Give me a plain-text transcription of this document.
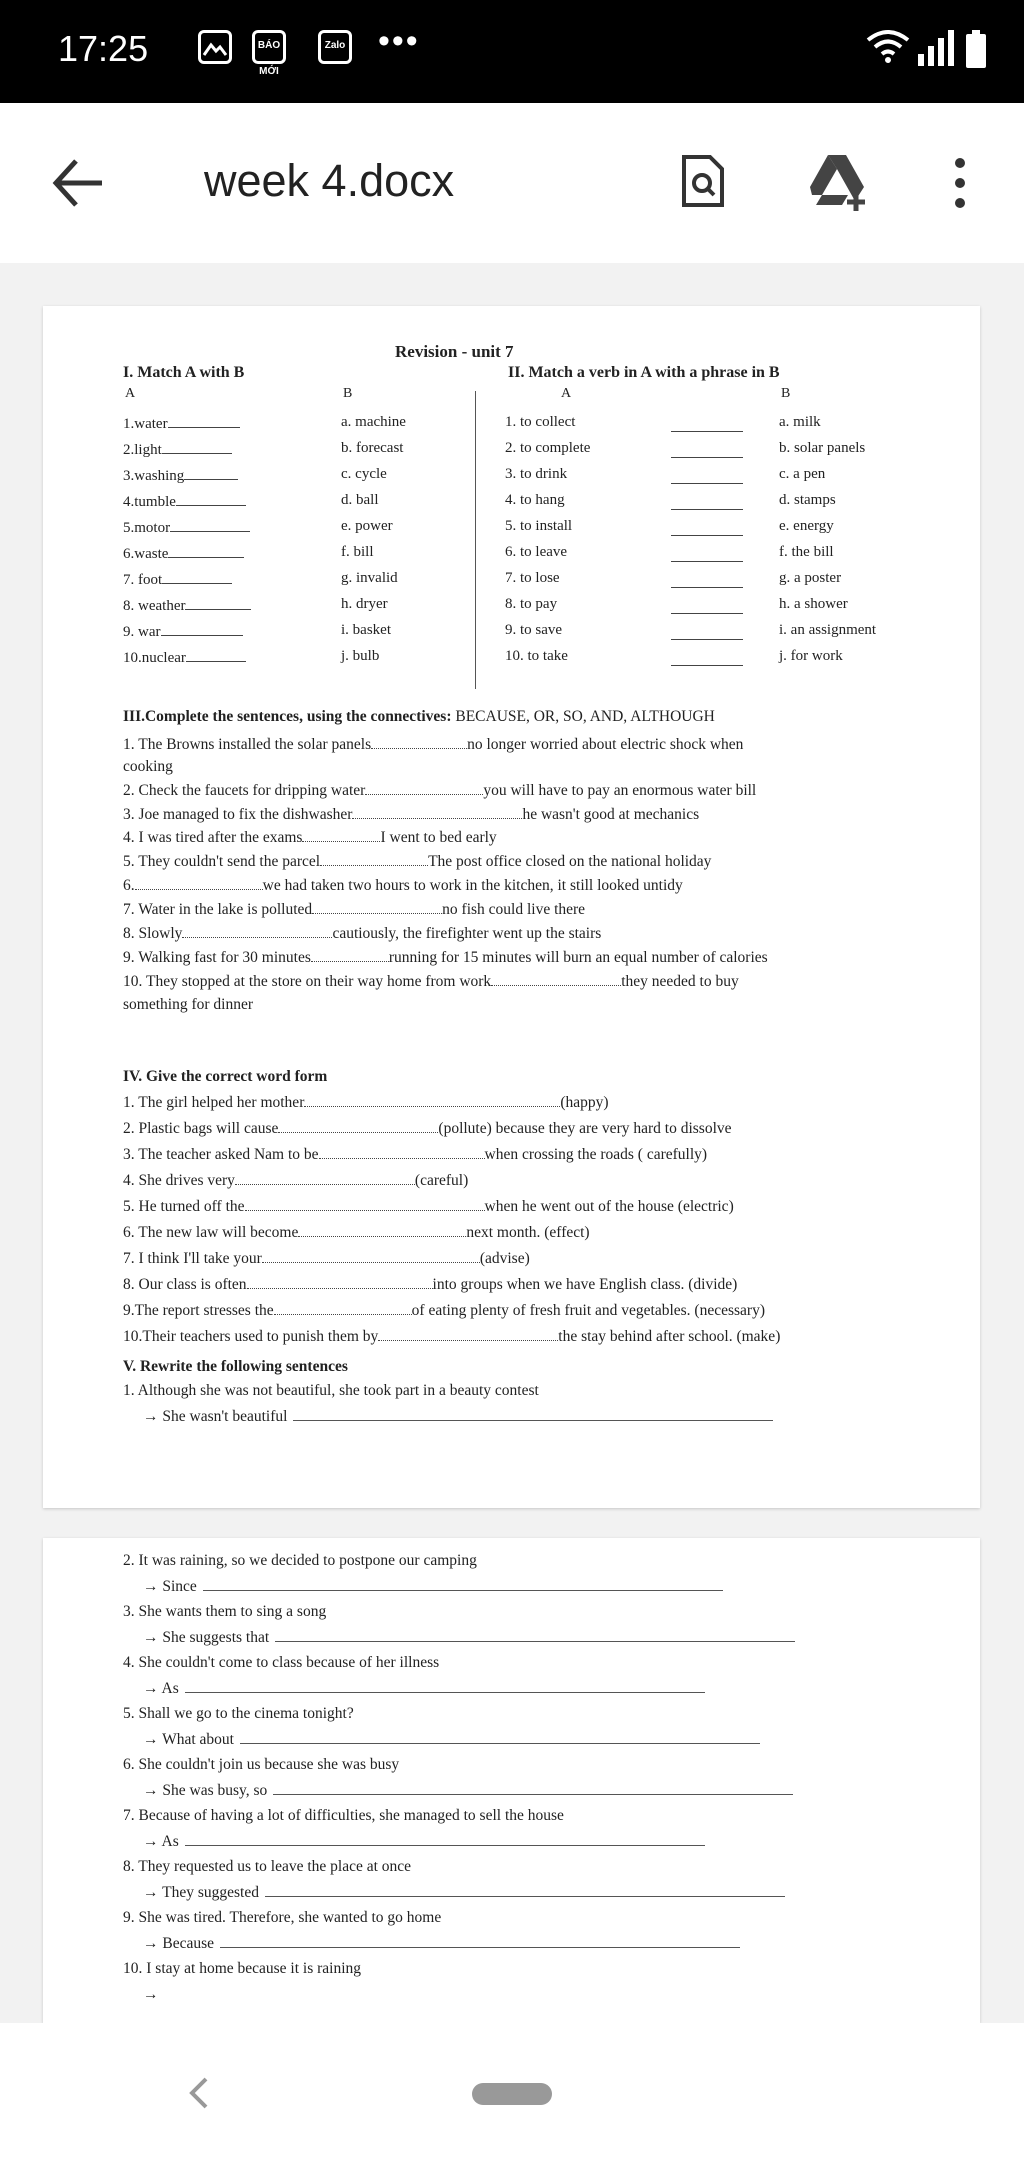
17:25	BÁO MỚI
Zalo •••
week 4.docx
Revision - unit 7
I. Match A with B	II. Match a verb in A with a phrase in B
A	B	A	B
1.water	a. machine	1. to collect	a. milk
2.light	b. forecast	2. to complete	b. solar panels
3.washing	c. cycle	3. to drink	c. a pen
4.tumble	d. ball	4. to hang	d. stamps
5.motor	e. power	5. to install	e. energy
6.waste	f. bill	6. to leave	f. the bill
7. foot	g. invalid	7. to lose	g. a poster
8. weather	h. dryer	8. to pay	h. a shower
9. war	i. basket	9. to save	i. an assignment
10.nuclear	j. bulb	10. to take	j. for work
III.Complete the sentences, using the connectives: BECAUSE, OR, SO, AND, ALTHOUGH
1. The Browns installed the solar panels	no longer worried about electric shock when
cooking
2. Check the faucets for dripping water	you will have to pay an enormous water bill
3. Joe managed to fix the dishwasher	he wasn't good at mechanics
4. I was tired after the exams	I went to bed early
5. They couldn't send the parcel	The post office closed on the national holiday
6.	we had taken two hours to work in the kitchen, it still looked untidy
7. Water in the lake is polluted	no fish could live there
8. Slowly	cautiously, the firefighter went up the stairs
9. Walking fast for 30 minutes	running for 15 minutes will burn an equal number of calories
10. They stopped at the store on their way home from work	they needed to buy
something for dinner
IV. Give the correct word form
1. The girl helped her mother	(happy)
2. Plastic bags will cause	(pollute) because they are very hard to dissolve
3. The teacher asked Nam to be	when crossing the roads ( carefully)
4. She drives very	(careful)
5. He turned off the	when he went out of the house (electric)
6. The new law will become	next month. (effect)
7. I think I'll take your	(advise)
8. Our class is often	into groups when we have English class. (divide)
9.The report stresses the	of eating plenty of fresh fruit and vegetables. (necessary)
10.Their teachers used to punish them by	the stay behind after school. (make)
V. Rewrite the following sentences
1. Although she was not beautiful, she took part in a beauty contest
→ She wasn't beautiful
2. It was raining, so we decided to postpone our camping
→ Since
3. She wants them to sing a song
→ She suggests that
4. She couldn't come to class because of her illness
→ As
5. Shall we go to the cinema tonight?
→ What about
6. She couldn't join us because she was busy
→ She was busy, so
7. Because of having a lot of difficulties, she managed to sell the house
→ As
8. They requested us to leave the place at once
→ They suggested
9. She was tired. Therefore, she wanted to go home
→ Because
10. I stay at home because it is raining
→
